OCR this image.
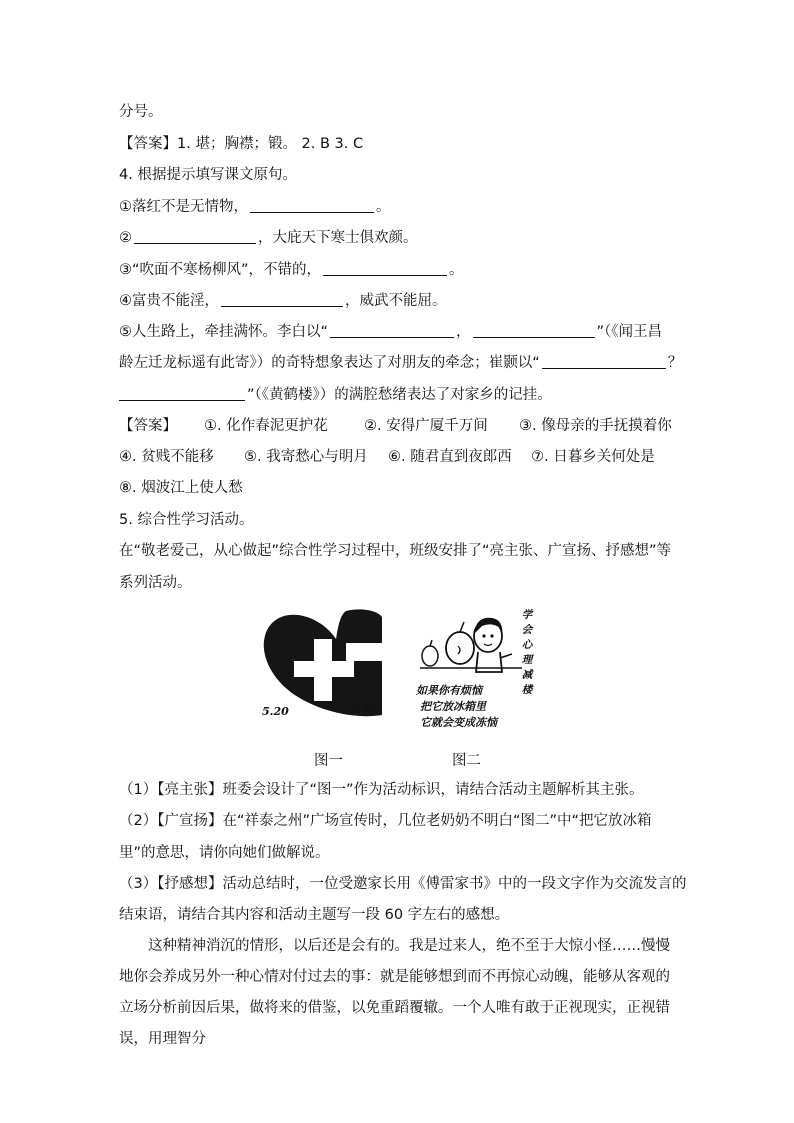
分号。
【答案】1. 堪；胸襟；锻。 2. B 3. C
4. 根据提示填写课文原句。
①落红不是无情物，	。
②	，大庇天下寒士俱欢颜。
③“吹面不寒杨柳风”，不错的，	。
④富贵不能淫，	，威武不能屈。
⑤人生路上，牵挂满怀。李白以“	，	”（《闻王昌
龄左迁龙标遥有此寄》）的奇特想象表达了对朋友的牵念；崔颢以“	？
”（《黄鹤楼》）的满腔愁绪表达了对家乡的记挂。
【答案】 ①. 化作春泥更护花	②. 安得广厦千万间 ③. 像母亲的手抚摸着你
④. 贫贱不能移 ⑤. 我寄愁心与明月 ⑥. 随君直到夜郎西 ⑦. 日暮乡关何处是
⑧. 烟波江上使人愁
5. 综合性学习活动。
在“敬老爱己，从心做起”综合性学习过程中，班级安排了“亮主张、广宣扬、抒感想”等
系列活动。
5.20	5.25
学会心理减楼
如果你有烦恼
把它放冰箱里
它就会变成冻恼
图一	图二
（1）【亮主张】班委会设计了“图一”作为活动标识，请结合活动主题解析其主张。
（2）【广宣扬】在“祥泰之州”广场宣传时，几位老奶奶不明白“图二”中“把它放冰箱
里”的意思，请你向她们做解说。
（3）【抒感想】活动总结时，一位受邀家长用《傅雷家书》中的一段文字作为交流发言的
结束语，请结合其内容和活动主题写一段 60 字左右的感想。
这种精神消沉的情形，以后还是会有的。我是过来人，绝不至于大惊小怪……慢慢地你会养成另外一种心情对付过去的事：就是能够想到而不再惊心动魄，能够从客观的立场分析前因后果，做将来的借鉴，以免重蹈覆辙。一个人唯有敢于正视现实，正视错误，用理智分
